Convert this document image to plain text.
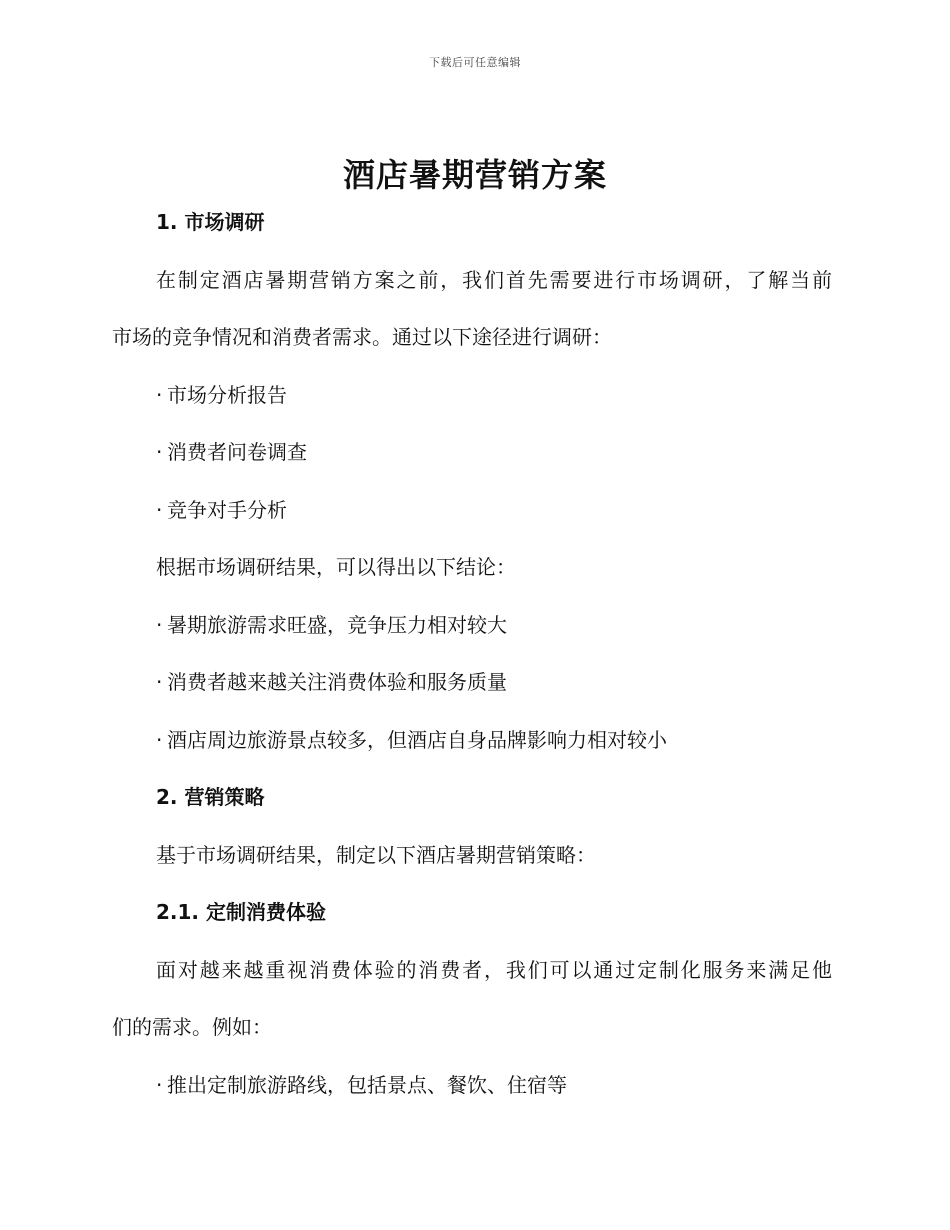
下载后可任意编辑
酒店暑期营销方案
1. 市场调研
在制定酒店暑期营销方案之前，我们首先需要进行市场调研，了解当前
市场的竞争情况和消费者需求。通过以下途径进行调研：
· 市场分析报告
· 消费者问卷调查
· 竞争对手分析
根据市场调研结果，可以得出以下结论：
· 暑期旅游需求旺盛，竞争压力相对较大
· 消费者越来越关注消费体验和服务质量
· 酒店周边旅游景点较多，但酒店自身品牌影响力相对较小
2. 营销策略
基于市场调研结果，制定以下酒店暑期营销策略：
2.1. 定制消费体验
面对越来越重视消费体验的消费者，我们可以通过定制化服务来满足他
们的需求。例如：
· 推出定制旅游路线，包括景点、餐饮、住宿等
